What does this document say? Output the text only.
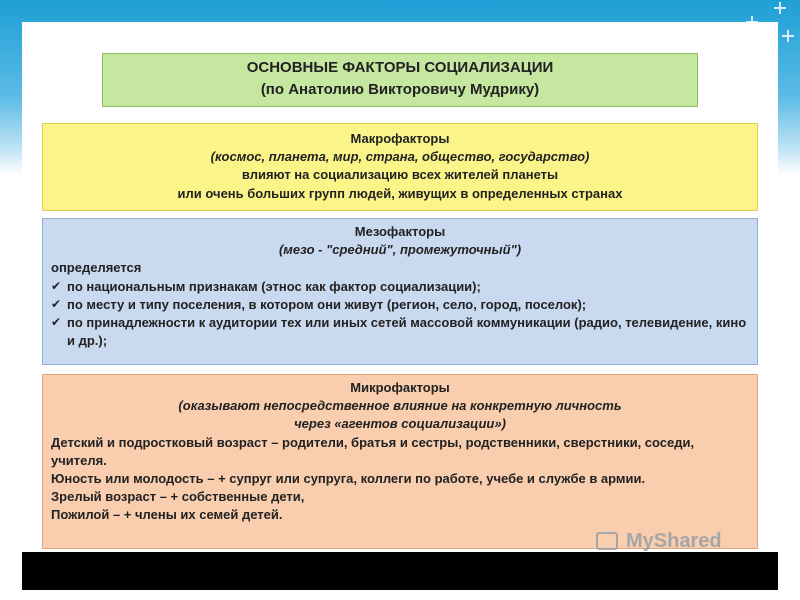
ОСНОВНЫЕ ФАКТОРЫ СОЦИАЛИЗАЦИИ
(по Анатолию Викторовичу Мудрику)
Макрофакторы
(космос, планета, мир, страна, общество, государство)
влияют на социализацию всех жителей планеты
или очень больших групп людей, живущих в определенных странах
Мезофакторы
(мезо - "средний", промежуточный")
определяется
✔ по национальным признакам (этнос как фактор социализации);
✔ по месту и типу поселения, в котором они живут (регион, село, город, поселок);
✔ по принадлежности к аудитории тех или иных сетей массовой коммуникации (радио, телевидение, кино и др.);
Микрофакторы
(оказывают непосредственное влияние на конкретную личность
через «агентов социализации»)
Детский и подростковый возраст – родители, братья и сестры, родственники, сверстники, соседи, учителя.
Юность или молодость – + супруг или супруга, коллеги по работе, учебе и службе в армии.
Зрелый возраст – + собственные дети,
Пожилой – + члены их семей детей.
MyShared
